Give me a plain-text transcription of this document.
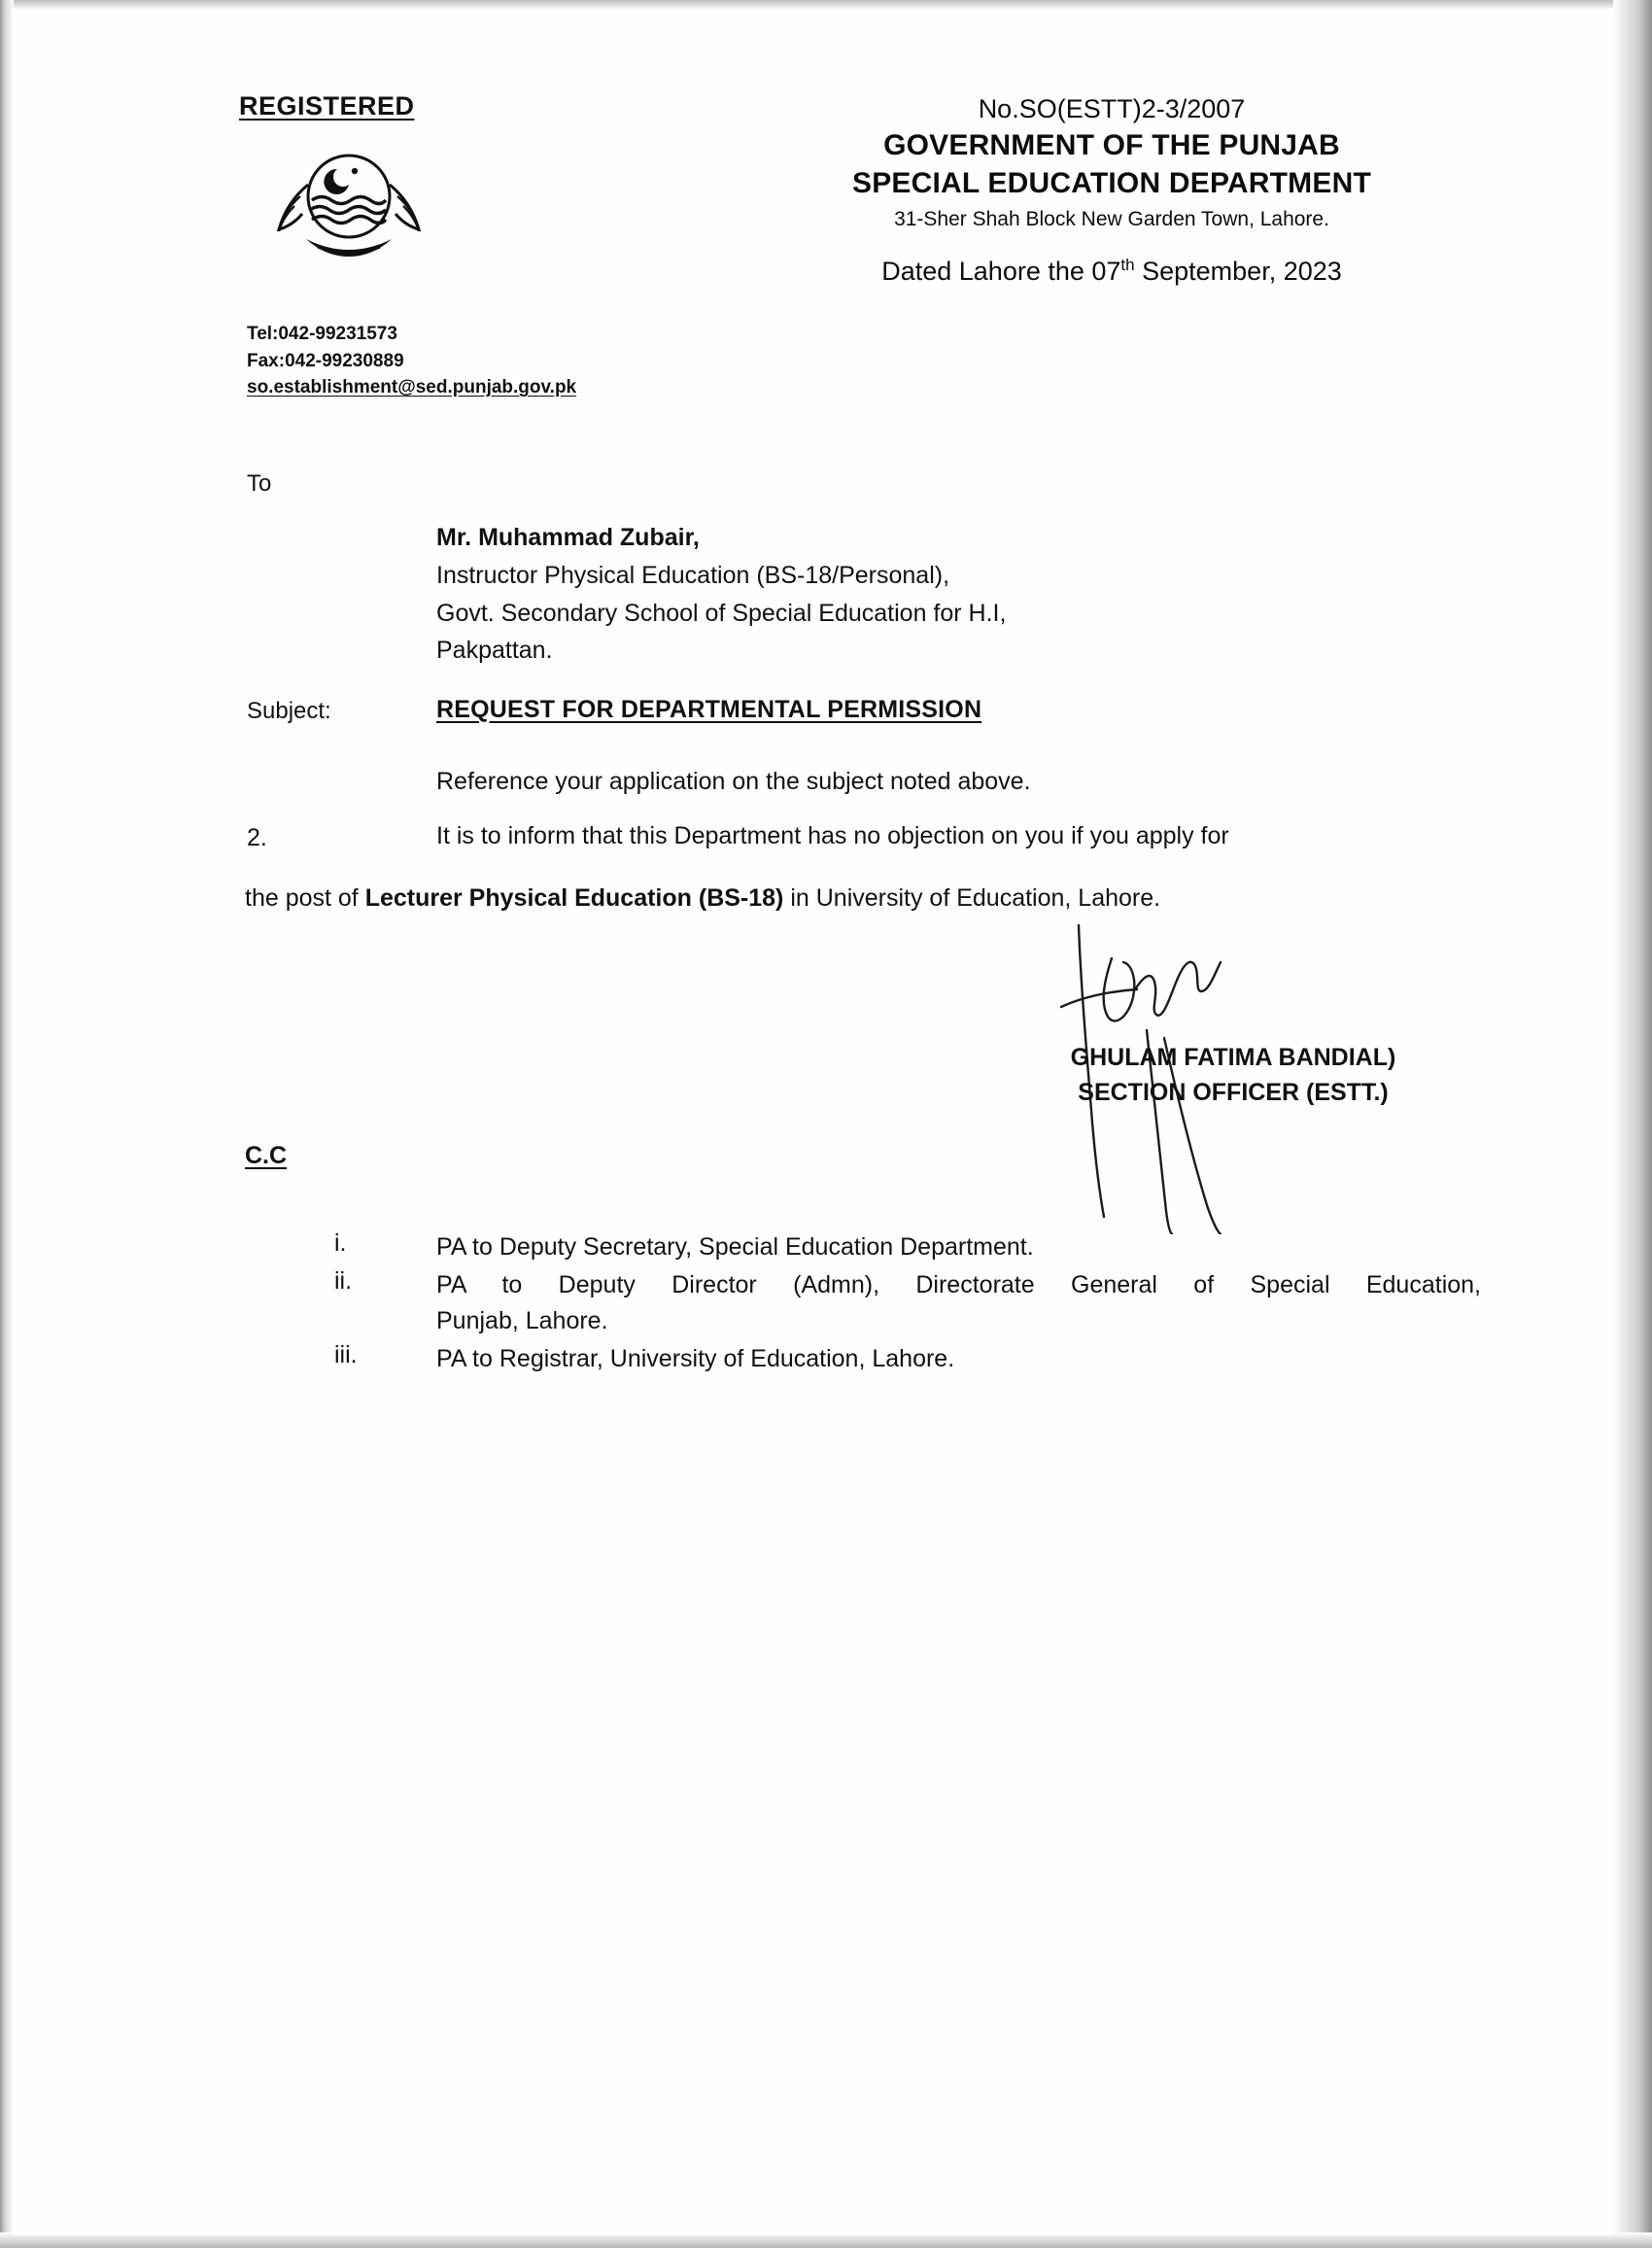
REGISTERED
Tel:042-99231573
Fax:042-99230889
so.establishment@sed.punjab.gov.pk
No.SO(ESTT)2-3/2007
GOVERNMENT OF THE PUNJAB
SPECIAL EDUCATION DEPARTMENT
31-Sher Shah Block New Garden Town, Lahore.
Dated Lahore the 07th September, 2023
To
Mr. Muhammad Zubair,
Instructor Physical Education (BS-18/Personal),
Govt. Secondary School of Special Education for H.I,
Pakpattan.
Subject:	REQUEST FOR DEPARTMENTAL PERMISSION
Reference your application on the subject noted above.
2.	It is to inform that this Department has no objection on you if you apply for
the post of Lecturer Physical Education (BS-18) in University of Education, Lahore.
GHULAM FATIMA BANDIAL)
SECTION OFFICER (ESTT.)
C.C
i.	PA to Deputy Secretary, Special Education Department.
ii.	PA to Deputy Director (Admn), Directorate General of Special Education,
Punjab, Lahore.
iii.	PA to Registrar, University of Education, Lahore.
